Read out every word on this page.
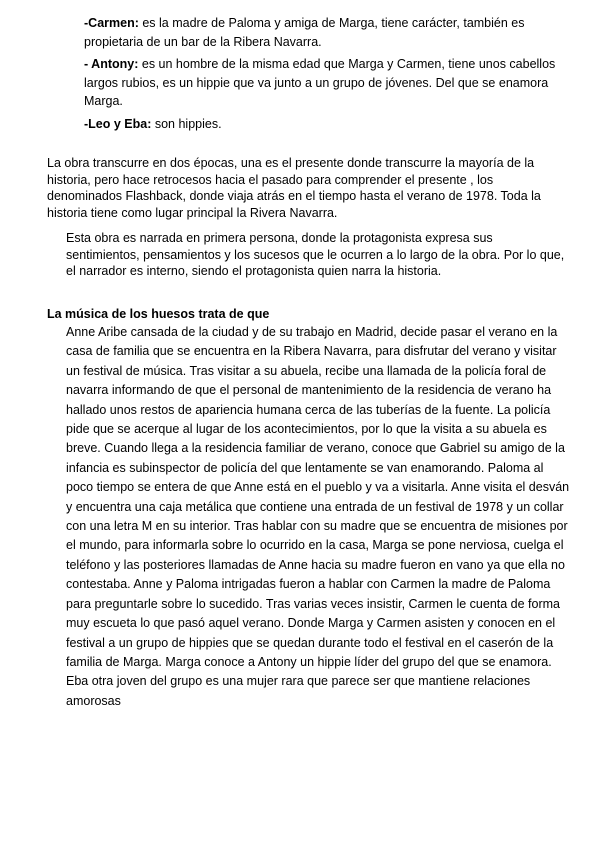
-Carmen: es la madre de Paloma y amiga de Marga, tiene carácter, también es propietaria de un bar de la Ribera Navarra.

- Antony: es un hombre de la misma edad que Marga y Carmen, tiene unos cabellos largos rubios, es un hippie que va junto a un grupo de jóvenes. Del que se enamora Marga.

-Leo y Eba: son hippies.

La obra transcurre en dos épocas, una es el presente donde transcurre la mayoría de la historia, pero hace retrocesos hacia el pasado para comprender el presente , los denominados Flashback, donde viaja atrás en el tiempo hasta el verano de 1978. Toda la historia tiene como lugar principal la Rivera Navarra.

Esta obra es narrada en primera persona, donde la protagonista expresa sus sentimientos, pensamientos y los sucesos que le ocurren a lo largo de la obra. Por lo que, el narrador es interno, siendo el protagonista quien narra la historia.

La música de los huesos trata de que

Anne Aribe cansada de la ciudad y de su trabajo en Madrid, decide pasar el verano en la casa de familia que se encuentra en la Ribera Navarra, para disfrutar del verano y visitar un festival de música. Tras visitar a su abuela, recibe una llamada de la policía foral de navarra informando de que el personal de mantenimiento de la residencia de verano ha hallado unos restos de apariencia humana cerca de las tuberías de la fuente. La policía pide que se acerque al lugar de los acontecimientos, por lo que la visita a su abuela es breve. Cuando llega a la residencia familiar de verano, conoce que Gabriel su amigo de la infancia es subinspector de policía del que lentamente se van enamorando. Paloma al poco tiempo se entera de que Anne está en el pueblo y va a visitarla. Anne visita el desván y encuentra una caja metálica que contiene una entrada de un festival de 1978 y un collar con una letra M en su interior. Tras hablar con su madre que se encuentra de misiones por el mundo, para informarla sobre lo ocurrido en la casa, Marga se pone nerviosa, cuelga el teléfono y las posteriores llamadas de Anne hacia su madre fueron en vano ya que ella no contestaba. Anne y Paloma intrigadas fueron a hablar con Carmen la madre de Paloma para preguntarle sobre lo sucedido. Tras varias veces insistir, Carmen le cuenta de forma muy escueta lo que pasó aquel verano. Donde Marga y Carmen asisten y conocen en el festival a un grupo de hippies que se quedan durante todo el festival en el caserón de la familia de Marga. Marga conoce a Antony un hippie líder del grupo del que se enamora. Eba otra joven del grupo es una mujer rara que parece ser que mantiene relaciones amorosas
